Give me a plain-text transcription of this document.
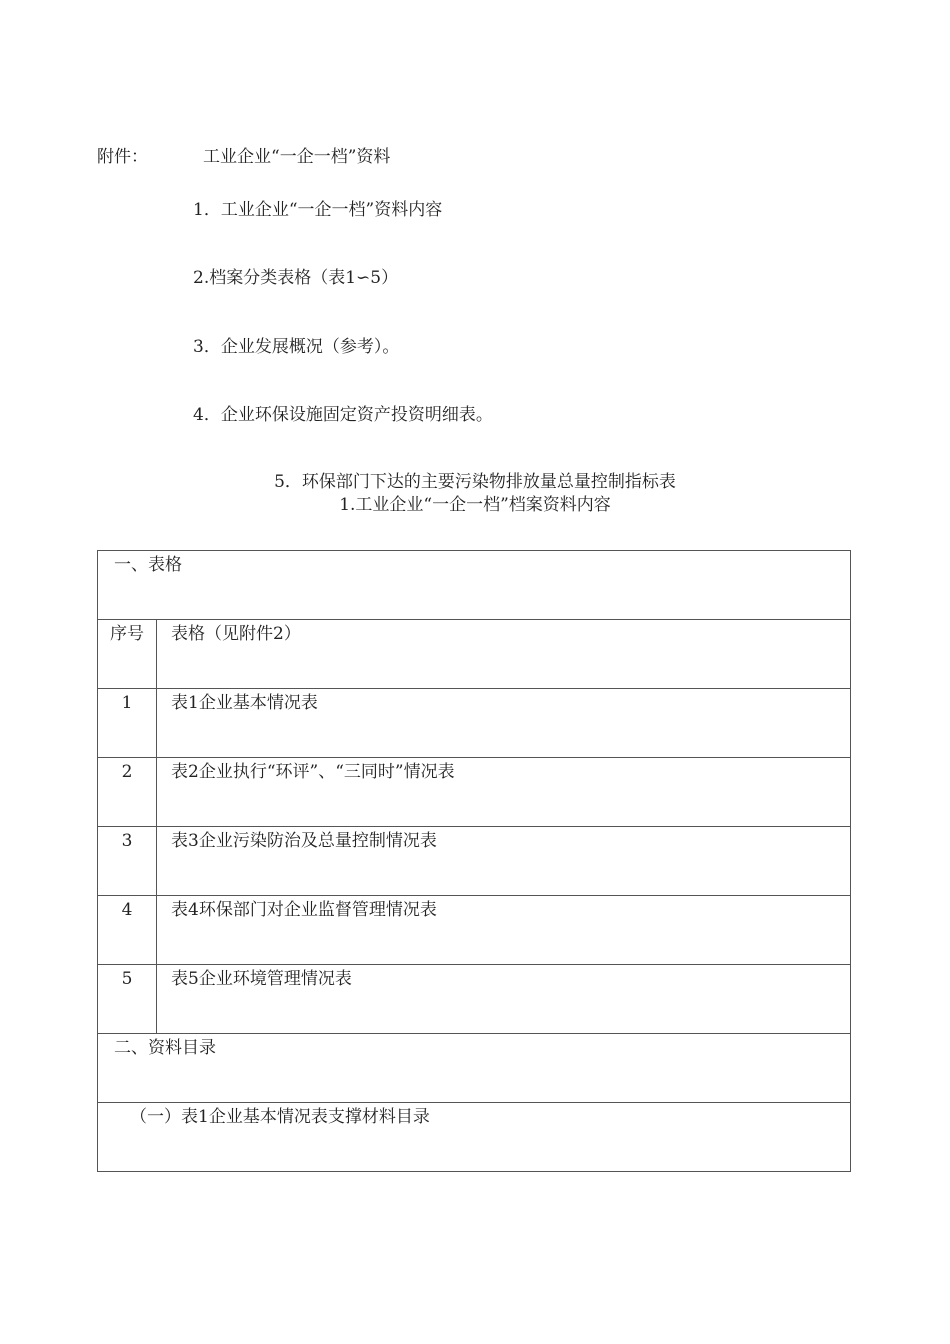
附件：	工业企业“一企一档”资料
1．工业企业“一企一档”资料内容
2.档案分类表格（表1∽5）
3．企业发展概况（参考）。
4．企业环保设施固定资产投资明细表。
5．环保部门下达的主要污染物排放量总量控制指标表
1.工业企业“一企一档”档案资料内容
一、表格	

序号	表格（见附件2）

1	表1企业基本情况表

2	表2企业执行“环评”、“三同时”情况表

3	表3企业污染防治及总量控制情况表

4	表4环保部门对企业监督管理情况表

5	表5企业环境管理情况表

二、资料目录	

（一）表1企业基本情况表支撑材料目录	
